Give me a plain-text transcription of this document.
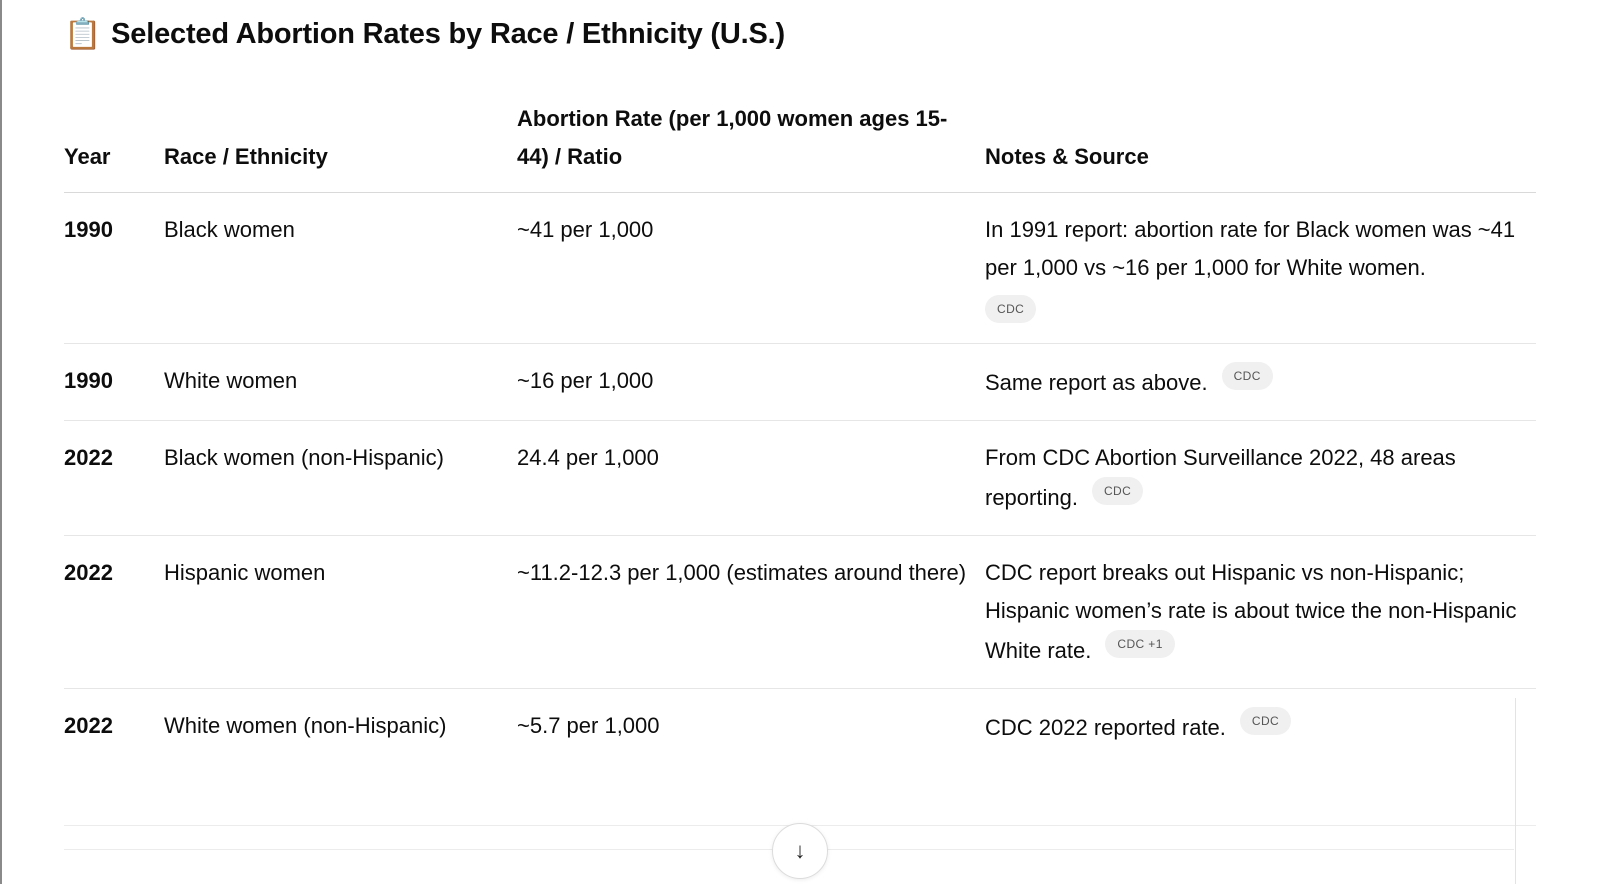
📋 Selected Abortion Rates by Race / Ethnicity (U.S.)
Year	Race / Ethnicity	Abortion Rate (per 1,000 women ages 15-44) / Ratio	Notes & Source
1990	Black women	~41 per 1,000	In 1991 report: abortion rate for Black women was ~41 per 1,000 vs ~16 per 1,000 for White women.
CDC
1990	White women	~16 per 1,000	Same report as above. CDC
2022	Black women (non-Hispanic)	24.4 per 1,000	From CDC Abortion Surveillance 2022, 48 areas reporting. CDC
2022	Hispanic women	~11.2-12.3 per 1,000 (estimates around there)	CDC report breaks out Hispanic vs non-Hispanic; Hispanic women’s rate is about twice the non-Hispanic White rate. CDC +1
2022	White women (non-Hispanic)	~5.7 per 1,000	CDC 2022 reported rate. CDC
↓
